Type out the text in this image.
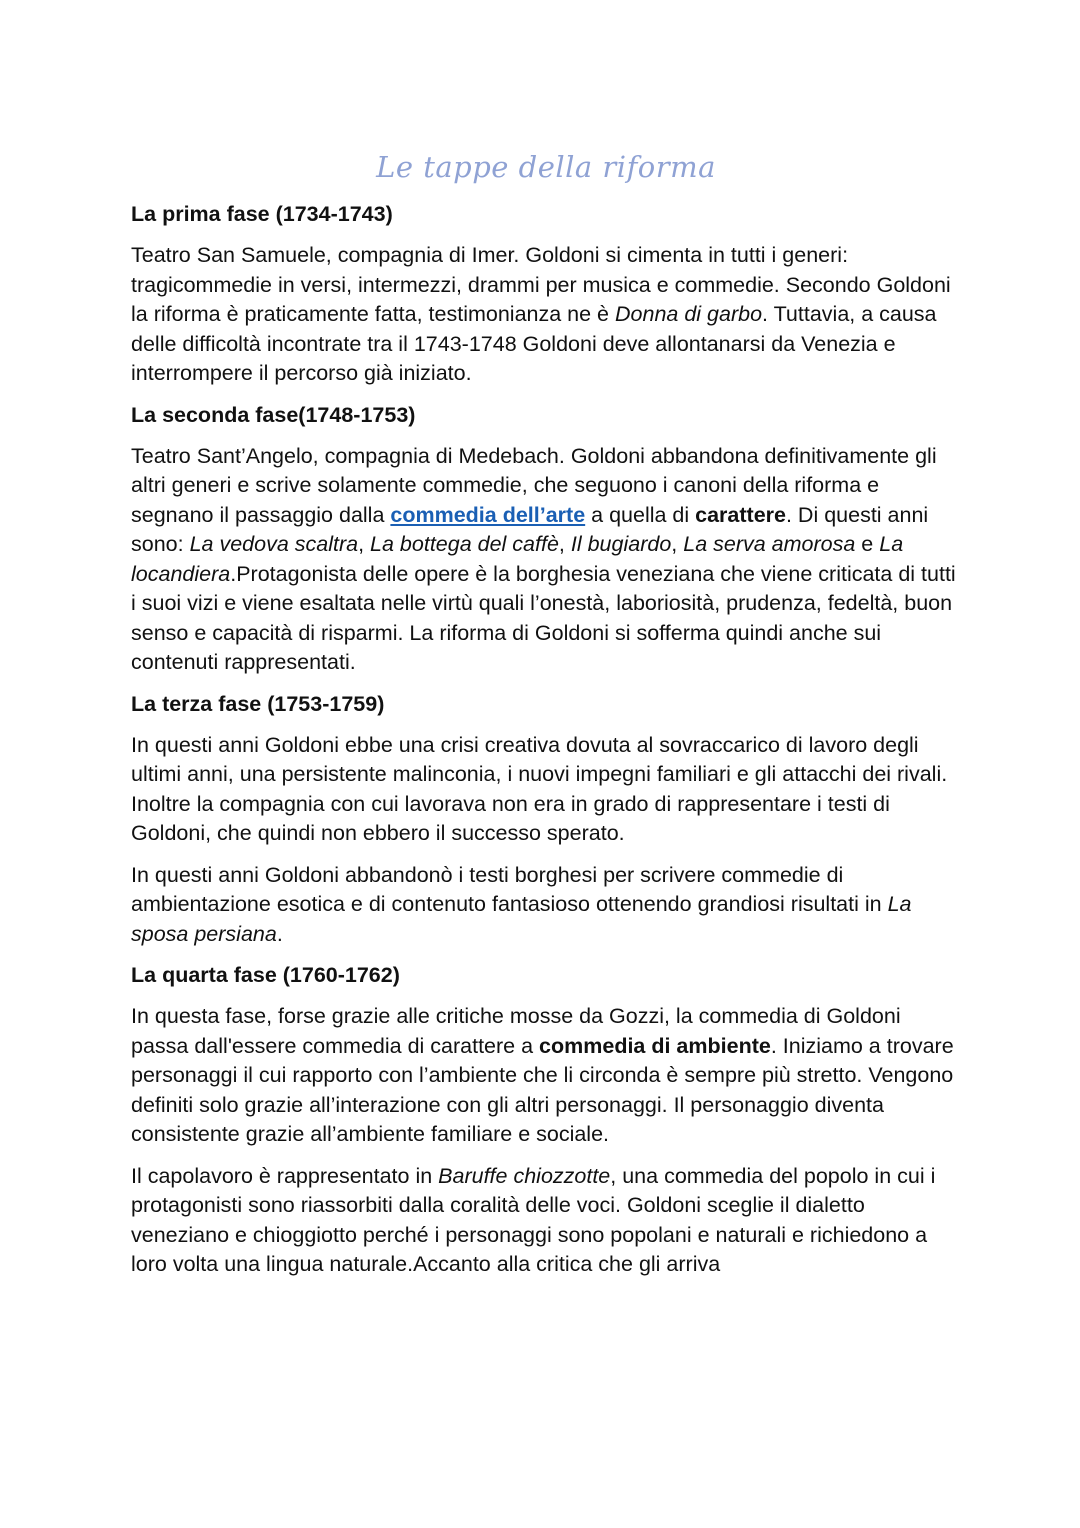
Le tappe della riforma
La prima fase (1734-1743)

Teatro San Samuele, compagnia di Imer. Goldoni si cimenta in tutti i generi: tragicommedie in versi, intermezzi, drammi per musica e commedie. Secondo Goldoni la riforma è praticamente fatta, testimonianza ne è Donna di garbo. Tuttavia, a causa delle difficoltà incontrate tra il 1743-1748 Goldoni deve allontanarsi da Venezia e interrompere il percorso già iniziato.

La seconda fase(1748-1753)

Teatro Sant’Angelo, compagnia di Medebach. Goldoni abbandona definitivamente gli altri generi e scrive solamente commedie, che seguono i canoni della riforma e segnano il passaggio dalla commedia dell’arte a quella di carattere. Di questi anni sono: La vedova scaltra, La bottega del caffè, Il bugiardo, La serva amorosa e La locandiera.Protagonista delle opere è la borghesia veneziana che viene criticata di tutti i suoi vizi e viene esaltata nelle virtù quali l’onestà, laboriosità, prudenza, fedeltà, buon senso e capacità di risparmi. La riforma di Goldoni si sofferma quindi anche sui contenuti rappresentati.

La terza fase (1753-1759)

In questi anni Goldoni ebbe una crisi creativa dovuta al sovraccarico di lavoro degli ultimi anni, una persistente malinconia, i nuovi impegni familiari e gli attacchi dei rivali. Inoltre la compagnia con cui lavorava non era in grado di rappresentare i testi di Goldoni, che quindi non ebbero il successo sperato.

In questi anni Goldoni abbandonò i testi borghesi per scrivere commedie di ambientazione esotica e di contenuto fantasioso ottenendo grandiosi risultati in La sposa persiana.

La quarta fase (1760-1762)

In questa fase, forse grazie alle critiche mosse da Gozzi, la commedia di Goldoni passa dall'essere commedia di carattere a commedia di ambiente. Iniziamo a trovare personaggi il cui rapporto con l’ambiente che li circonda è sempre più stretto. Vengono definiti solo grazie all’interazione con gli altri personaggi. Il personaggio diventa consistente grazie all’ambiente familiare e sociale.

Il capolavoro è rappresentato in Baruffe chiozzotte, una commedia del popolo in cui i protagonisti sono riassorbiti dalla coralità delle voci. Goldoni sceglie il dialetto veneziano e chioggiotto perché i personaggi sono popolani e naturali e richiedono a loro volta una lingua naturale.Accanto alla critica che gli arriva
